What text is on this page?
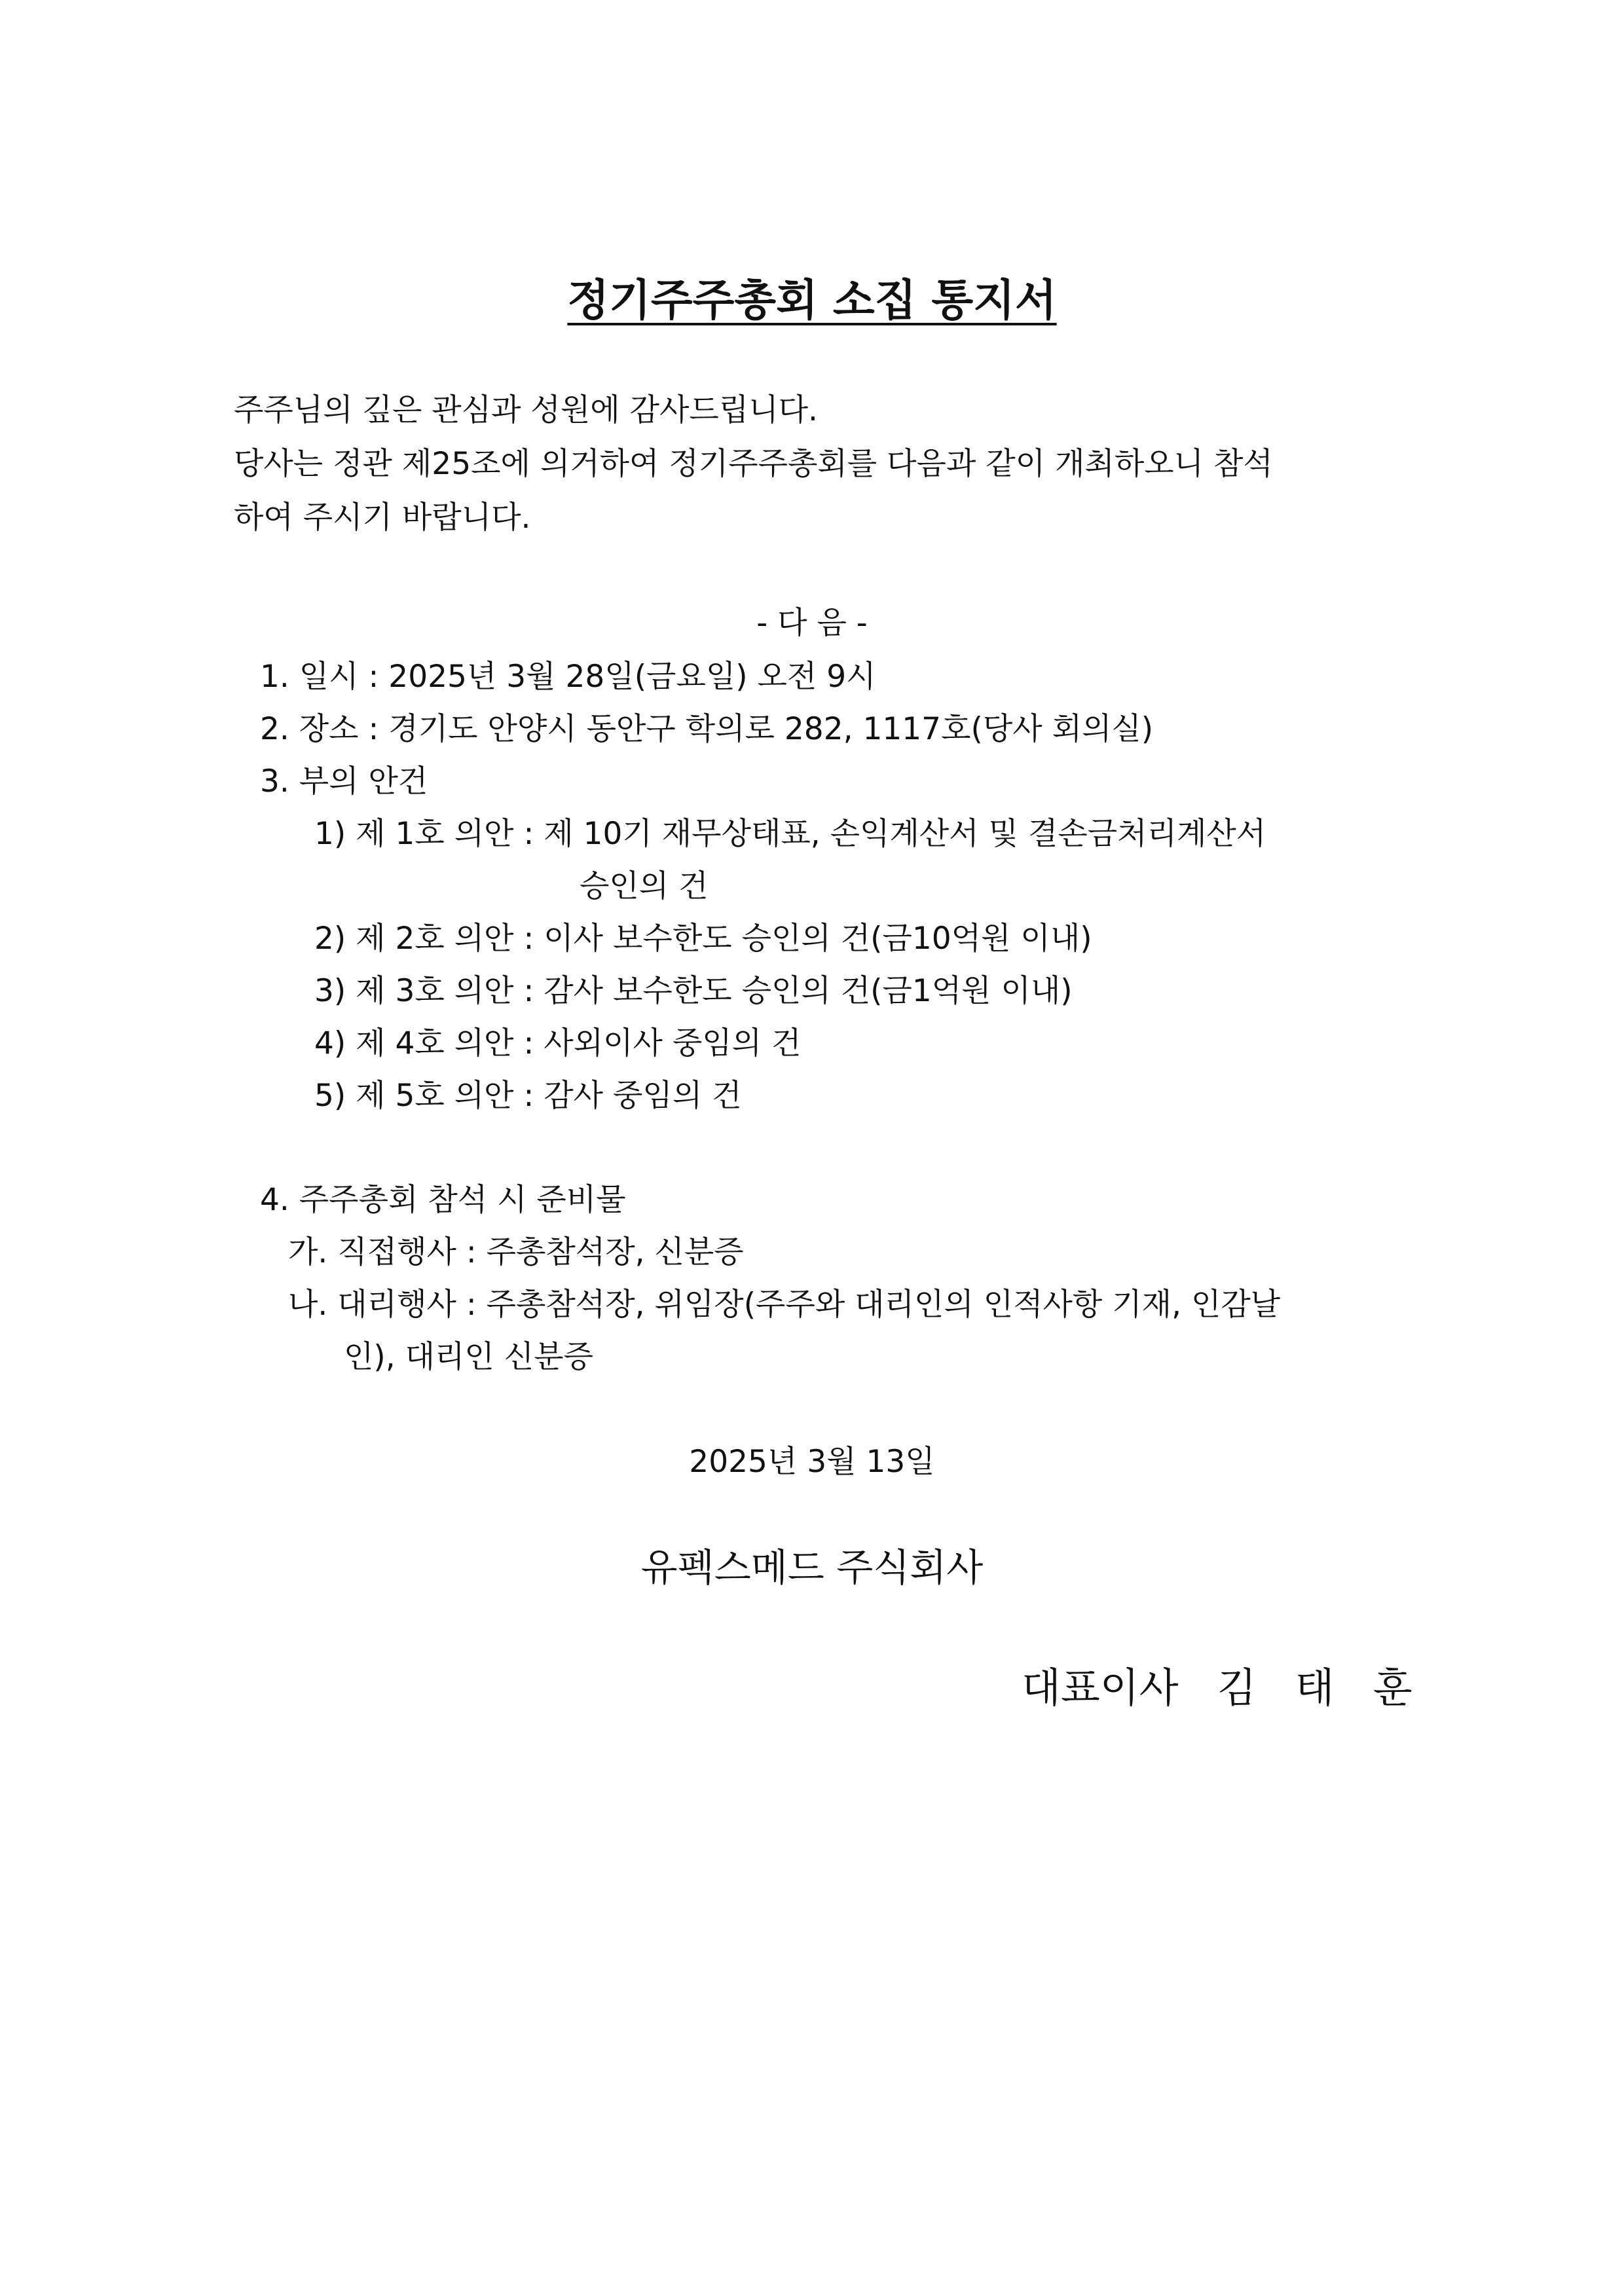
정기주주총회 소집 통지서
주주님의 깊은 관심과 성원에 감사드립니다.
당사는 정관 제25조에 의거하여 정기주주총회를 다음과 같이 개최하오니 참석
하여 주시기 바랍니다.
- 다 음 -
1. 일시 : 2025년 3월 28일(금요일) 오전 9시
2. 장소 : 경기도 안양시 동안구 학의로 282, 1117호(당사 회의실)
3. 부의 안건
1) 제 1호 의안 : 제 10기 재무상태표, 손익계산서 및 결손금처리계산서
승인의 건
2) 제 2호 의안 : 이사 보수한도 승인의 건(금10억원 이내)
3) 제 3호 의안 : 감사 보수한도 승인의 건(금1억원 이내)
4) 제 4호 의안 : 사외이사 중임의 건
5) 제 5호 의안 : 감사 중임의 건
4. 주주총회 참석 시 준비물
가. 직접행사 : 주총참석장, 신분증
나. 대리행사 : 주총참석장, 위임장(주주와 대리인의 인적사항 기재, 인감날
인), 대리인 신분증
2025년 3월 13일
유펙스메드 주식회사
대표이사   김   태   훈
